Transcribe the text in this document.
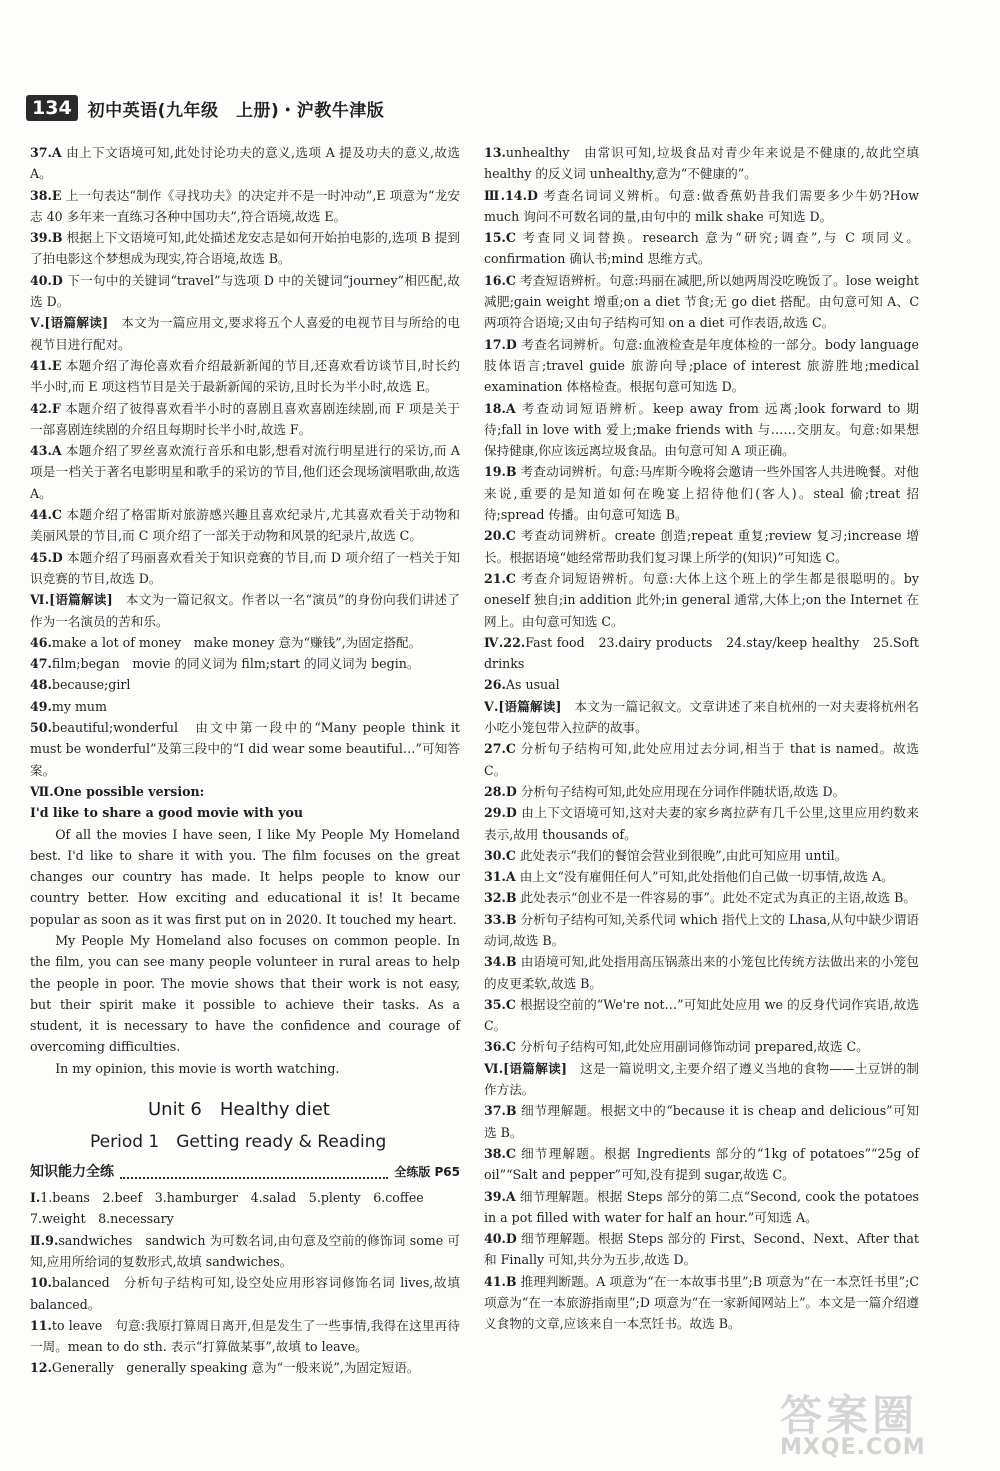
134 初中英语(九年级　上册)・沪教牛津版

37.A 由上下文语境可知,此处讨论功夫的意义,选项 A 提及功夫的意义,故选 A。

38.E 上一句表达“制作《寻找功夫》的决定并不是一时冲动”,E 项意为“龙安志 40 多年来一直练习各种中国功夫”,符合语境,故选 E。

39.B 根据上下文语境可知,此处描述龙安志是如何开始拍电影的,选项 B 提到了拍电影这个梦想成为现实,符合语境,故选 B。

40.D 下一句中的关键词“travel”与选项 D 中的关键词“journey”相匹配,故选 D。

Ⅴ.[语篇解读]　本文为一篇应用文,要求将五个人喜爱的电视节目与所给的电视节目进行配对。

41.E 本题介绍了海伦喜欢看介绍最新新闻的节目,还喜欢看访谈节目,时长约半小时,而 E 项这档节目是关于最新新闻的采访,且时长为半小时,故选 E。

42.F 本题介绍了彼得喜欢看半小时的喜剧且喜欢喜剧连续剧,而 F 项是关于一部喜剧连续剧的介绍且每期时长半小时,故选 F。

43.A 本题介绍了罗丝喜欢流行音乐和电影,想看对流行明星进行的采访,而 A 项是一档关于著名电影明星和歌手的采访的节目,他们还会现场演唱歌曲,故选 A。

44.C 本题介绍了格雷斯对旅游感兴趣且喜欢纪录片,尤其喜欢看关于动物和美丽风景的节目,而 C 项介绍了一部关于动物和风景的纪录片,故选 C。

45.D 本题介绍了玛丽喜欢看关于知识竞赛的节目,而 D 项介绍了一档关于知识竞赛的节目,故选 D。

Ⅵ.[语篇解读]　本文为一篇记叙文。作者以一名“演员”的身份向我们讲述了作为一名演员的苦和乐。

46.make a lot of money　make money 意为“赚钱”,为固定搭配。

47.film;began　movie 的同义词为 film;start 的同义词为 begin。

48.because;girl

49.my mum

50.beautiful;wonderful　由文中第一段中的“Many people think it must be wonderful”及第三段中的“I did wear some beautiful…”可知答案。

Ⅶ.One possible version:

I'd like to share a good movie with you

Of all the movies I have seen, I like My People My Homeland best. I'd like to share it with you. The film focuses on the great changes our country has made. It helps people to know our country better. How exciting and educational it is! It became popular as soon as it was first put on in 2020. It touched my heart.

My People My Homeland also focuses on common people. In the film, you can see many people volunteer in rural areas to help the people in poor. The movie shows that their work is not easy, but their spirit make it possible to achieve their tasks. As a student, it is necessary to have the confidence and courage of overcoming difficulties.

In my opinion, this movie is worth watching.

Unit 6　Healthy diet
Period 1　Getting ready & Reading
知识能力全练	全练版 P65

Ⅰ.1.beans　2.beef　3.hamburger　4.salad　5.plenty　6.coffee

7.weight　8.necessary

Ⅱ.9.sandwiches　sandwich 为可数名词,由句意及空前的修饰词 some 可知,应用所给词的复数形式,故填 sandwiches。

10.balanced　分析句子结构可知,设空处应用形容词修饰名词 lives,故填 balanced。

11.to leave　句意:我原打算周日离开,但是发生了一些事情,我得在这里再待一周。mean to do sth. 表示“打算做某事”,故填 to leave。

12.Generally　generally speaking 意为“一般来说”,为固定短语。

13.unhealthy　由常识可知,垃圾食品对青少年来说是不健康的,故此空填 healthy 的反义词 unhealthy,意为“不健康的”。

Ⅲ.14.D 考查名词词义辨析。句意:做香蕉奶昔我们需要多少牛奶?How much 询问不可数名词的量,由句中的 milk shake 可知选 D。

15.C 考查同义词替换。research 意为“研究;调查”,与 C 项同义。confirmation 确认书;mind 思维方式。

16.C 考查短语辨析。句意:玛丽在减肥,所以她两周没吃晚饭了。lose weight 减肥;gain weight 增重;on a diet 节食;无 go diet 搭配。由句意可知 A、C 两项符合语境;又由句子结构可知 on a diet 可作表语,故选 C。

17.D 考查名词辨析。句意:血液检查是年度体检的一部分。body language 肢体语言;travel guide 旅游向导;place of interest 旅游胜地;medical examination 体格检查。根据句意可知选 D。

18.A 考查动词短语辨析。keep away from 远离;look forward to 期待;fall in love with 爱上;make friends with 与……交朋友。句意:如果想保持健康,你应该远离垃圾食品。由句意可知 A 项正确。

19.B 考查动词辨析。句意:马库斯今晚将会邀请一些外国客人共进晚餐。对他来说,重要的是知道如何在晚宴上招待他们(客人)。steal 偷;treat 招待;spread 传播。由句意可知选 B。

20.C 考查动词辨析。create 创造;repeat 重复;review 复习;increase 增长。根据语境“她经常帮助我们复习课上所学的(知识)”可知选 C。

21.C 考查介词短语辨析。句意:大体上这个班上的学生都是很聪明的。by oneself 独自;in addition 此外;in general 通常,大体上;on the Internet 在网上。由句意可知选 C。

Ⅳ.22.Fast food　23.dairy products　24.stay/keep healthy　25.Soft drinks

26.As usual

Ⅴ.[语篇解读]　本文为一篇记叙文。文章讲述了来自杭州的一对夫妻将杭州名小吃小笼包带入拉萨的故事。

27.C 分析句子结构可知,此处应用过去分词,相当于 that is named。故选 C。

28.D 分析句子结构可知,此处应用现在分词作伴随状语,故选 D。

29.D 由上下文语境可知,这对夫妻的家乡离拉萨有几千公里,这里应用约数来表示,故用 thousands of。

30.C 此处表示“我们的餐馆会营业到很晚”,由此可知应用 until。

31.A 由上文“没有雇佣任何人”可知,此处指他们自己做一切事情,故选 A。

32.B 此处表示“创业不是一件容易的事”。此处不定式为真正的主语,故选 B。

33.B 分析句子结构可知,关系代词 which 指代上文的 Lhasa,从句中缺少谓语动词,故选 B。

34.B 由语境可知,此处指用高压锅蒸出来的小笼包比传统方法做出来的小笼包的皮更柔软,故选 B。

35.C 根据设空前的“We're not…”可知此处应用 we 的反身代词作宾语,故选 C。

36.C 分析句子结构可知,此处应用副词修饰动词 prepared,故选 C。

Ⅵ.[语篇解读]　这是一篇说明文,主要介绍了遵义当地的食物——土豆饼的制作方法。

37.B 细节理解题。根据文中的“because it is cheap and delicious”可知选 B。

38.C 细节理解题。根据 Ingredients 部分的“1kg of potatoes”“25g of oil”“Salt and pepper”可知,没有提到 sugar,故选 C。

39.A 细节理解题。根据 Steps 部分的第二点“Second, cook the potatoes in a pot filled with water for half an hour.”可知选 A。

40.D 细节理解题。根据 Steps 部分的 First、Second、Next、After that 和 Finally 可知,共分为五步,故选 D。

41.B 推理判断题。A 项意为“在一本故事书里”;B 项意为“在一本烹饪书里”;C 项意为“在一本旅游指南里”;D 项意为“在一家新闻网站上”。本文是一篇介绍遵义食物的文章,应该来自一本烹饪书。故选 B。

答案圈
MXQE.COM
